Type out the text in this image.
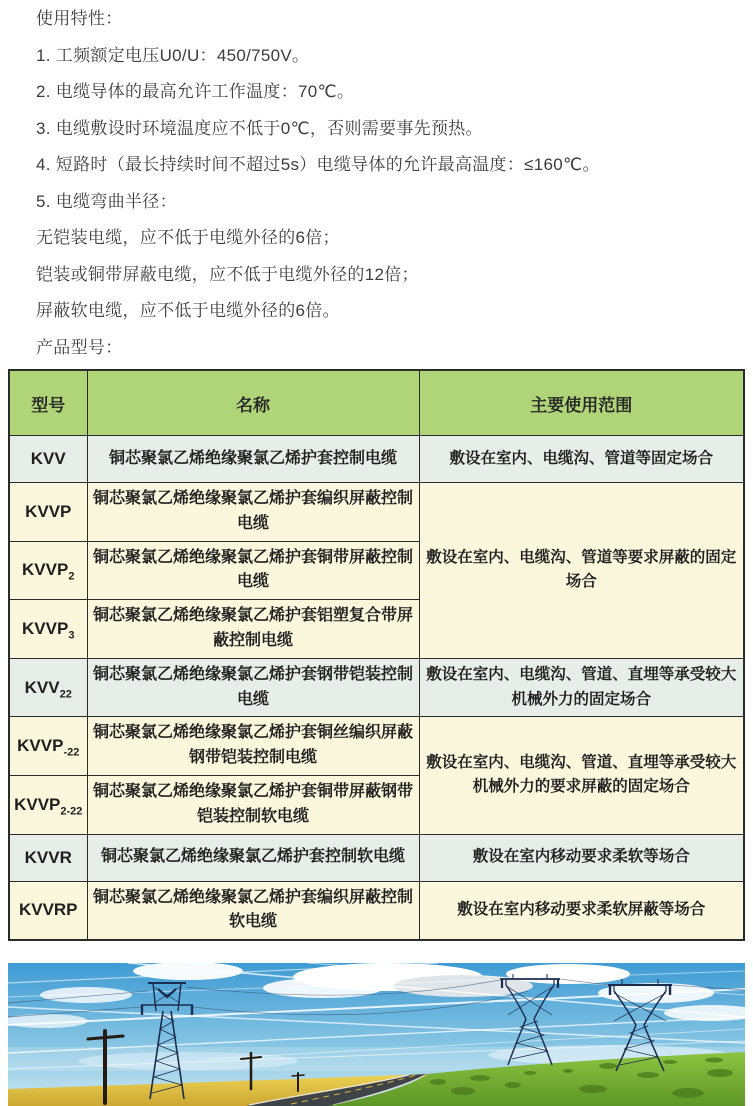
使用特性：
1. 工频额定电压U0/U：450/750V。
2. 电缆导体的最高允许工作温度：70℃。
3. 电缆敷设时环境温度应不低于0℃，否则需要事先预热。
4. 短路时（最长持续时间不超过5s）电缆导体的允许最高温度：≤160℃。
5. 电缆弯曲半径：
无铠装电缆，应不低于电缆外径的6倍；
铠装或铜带屏蔽电缆，应不低于电缆外径的12倍；
屏蔽软电缆，应不低于电缆外径的6倍。
产品型号：
型号	名称	主要使用范围
KVV	铜芯聚氯乙烯绝缘聚氯乙烯护套控制电缆	敷设在室内、电缆沟、管道等固定场合
KVVP	铜芯聚氯乙烯绝缘聚氯乙烯护套编织屏蔽控制电缆	敷设在室内、电缆沟、管道等要求屏蔽的固定场合
$KVVP_2$	铜芯聚氯乙烯绝缘聚氯乙烯护套铜带屏蔽控制电缆	
$KVVP_3$	铜芯聚氯乙烯绝缘聚氯乙烯护套铝塑复合带屏蔽控制电缆	
$KVV_{22}$	铜芯聚氯乙烯绝缘聚氯乙烯护套钢带铠装控制电缆	敷设在室内、电缆沟、管道、直埋等承受较大机械外力的固定场合
$KVVP_{-22}$	铜芯聚氯乙烯绝缘聚氯乙烯护套铜丝编织屏蔽钢带铠装控制电缆	敷设在室内、电缆沟、管道、直埋等承受较大机械外力的要求屏蔽的固定场合
$KVVP_{2-22}$	铜芯聚氯乙烯绝缘聚氯乙烯护套铜带屏蔽钢带铠装控制软电缆	
KVVR	铜芯聚氯乙烯绝缘聚氯乙烯护套控制软电缆	敷设在室内移动要求柔软等场合
KVVRP	铜芯聚氯乙烯绝缘聚氯乙烯护套编织屏蔽控制软电缆	敷设在室内移动要求柔软屏蔽等场合
